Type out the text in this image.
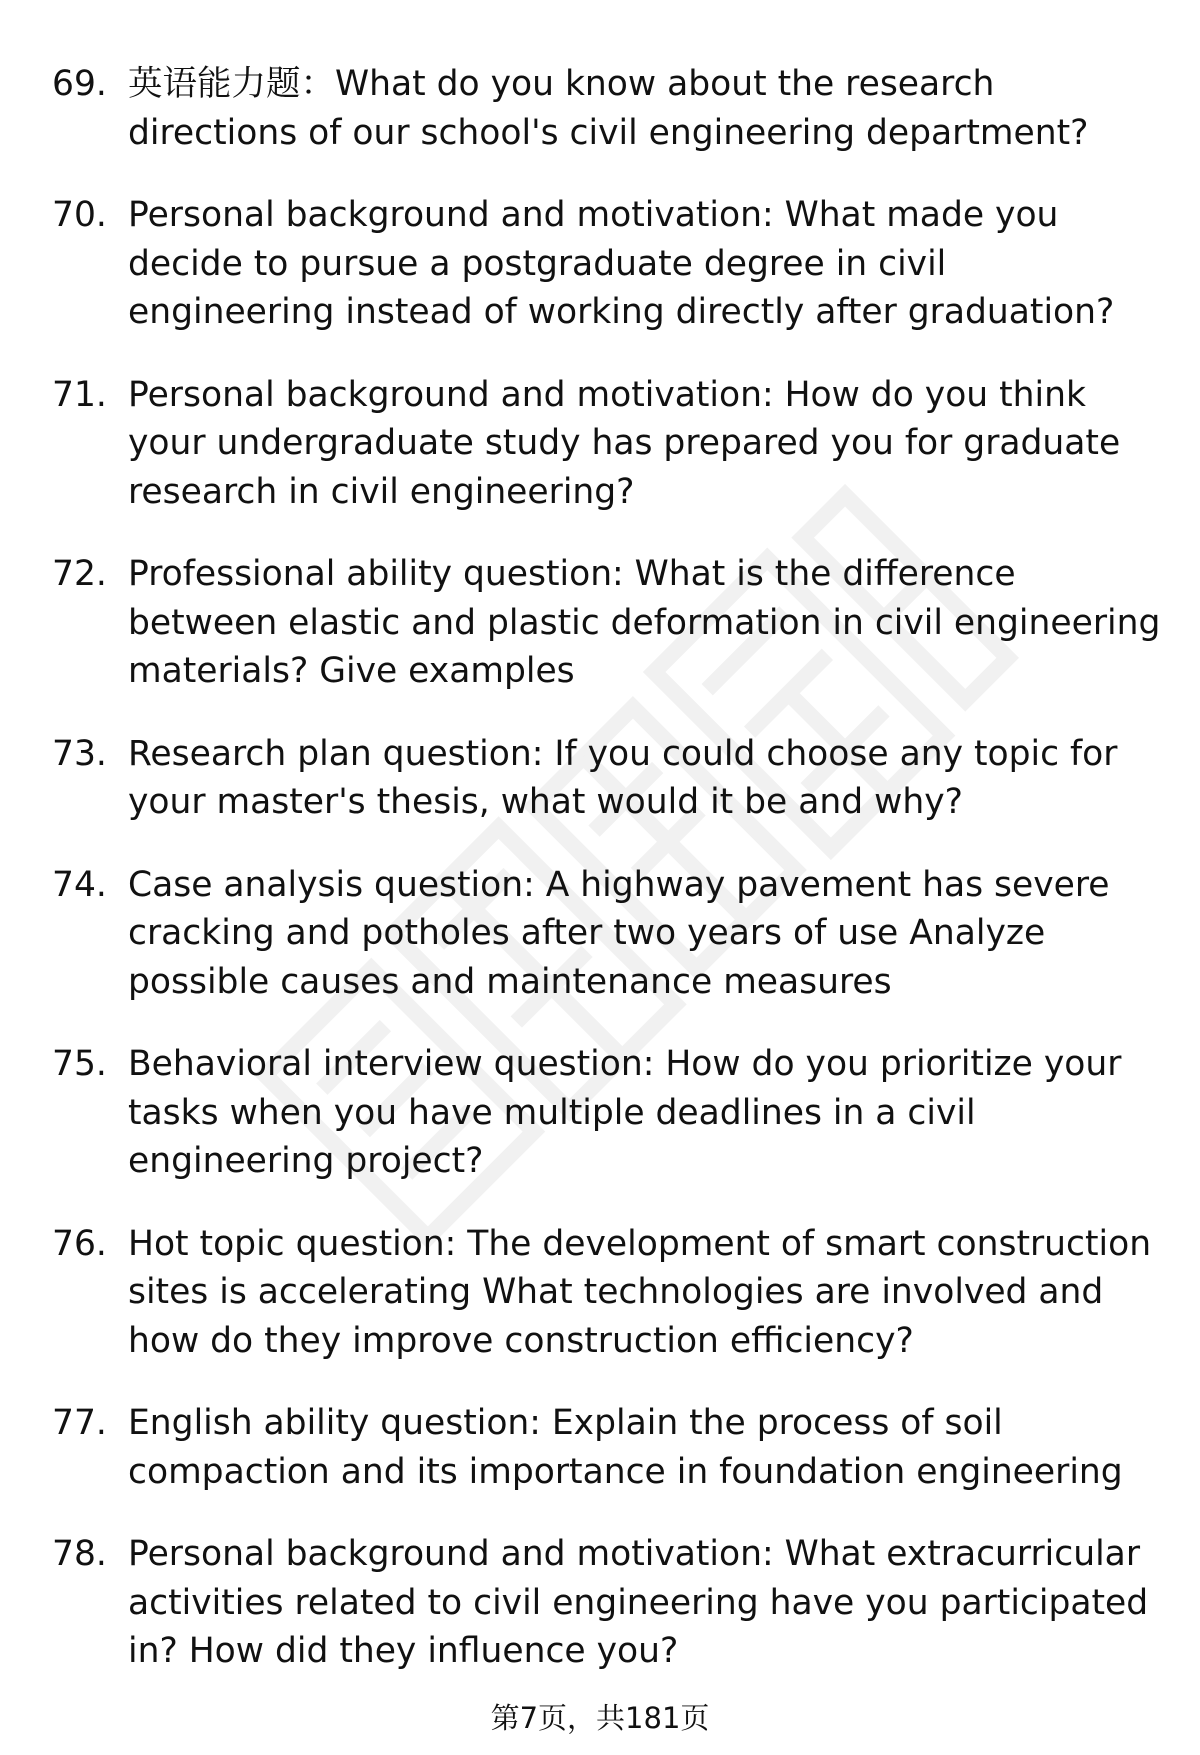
69. 英语能力题：What do you know about the research directions of our school's civil engineering department?
70. Personal background and motivation: What made you decide to pursue a postgraduate degree in civil engineering instead of working directly after graduation?
71. Personal background and motivation: How do you think your undergraduate study has prepared you for graduate research in civil engineering?
72. Professional ability question: What is the difference between elastic and plastic deformation in civil engineering materials? Give examples
73. Research plan question: If you could choose any topic for your master's thesis, what would it be and why?
74. Case analysis question: A highway pavement has severe cracking and potholes after two years of use Analyze possible causes and maintenance measures
75. Behavioral interview question: How do you prioritize your tasks when you have multiple deadlines in a civil engineering project?
76. Hot topic question: The development of smart construction sites is accelerating What technologies are involved and how do they improve construction efficiency?
77. English ability question: Explain the process of soil compaction and its importance in foundation engineering
78. Personal background and motivation: What extracurricular activities related to civil engineering have you participated in? How did they influence you?
第7页，共181页
